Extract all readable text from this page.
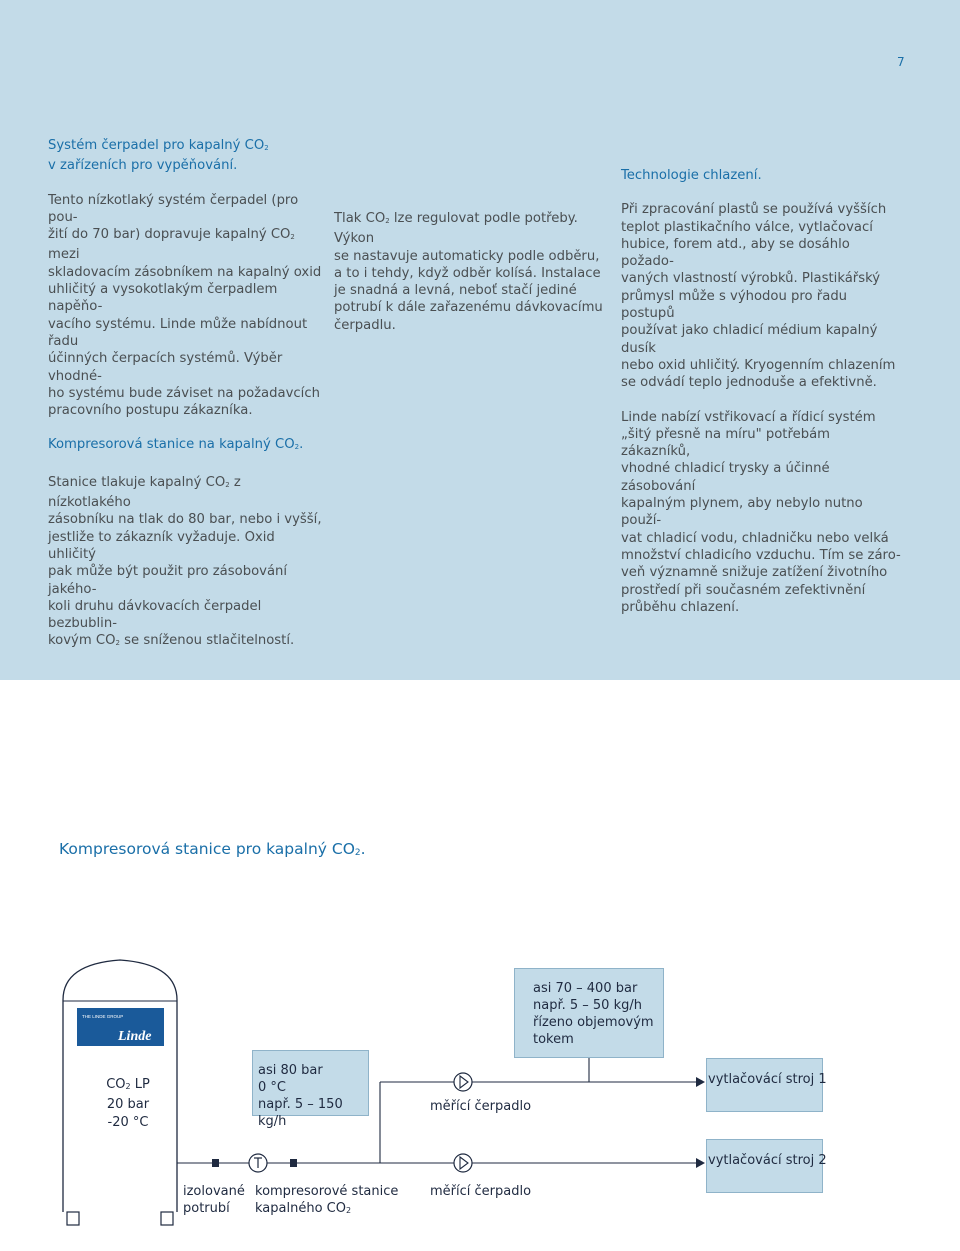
7

Systém čerpadel pro kapalný $CO_2$

v zařízeních pro vypěňování.

Tento nízkotlaký systém čerpadel (pro pou-

žití do 70 bar) dopravuje kapalný $CO_2$ mezi

skladovacím zásobníkem na kapalný oxid

uhličitý a vysokotlakým čerpadlem napěňo-

vacího systému. Linde může nabídnout řadu

účinných čerpacích systémů. Výběr vhodné-

ho systému bude záviset na požadavcích

pracovního postupu zákazníka.

Kompresorová stanice na kapalný $CO_2$.

Stanice tlakuje kapalný $CO_2$ z nízkotlakého

zásobníku na tlak do 80 bar, nebo i vyšší,

jestliže to zákazník vyžaduje. Oxid uhličitý

pak může být použit pro zásobování jakého-

koli druhu dávkovacích čerpadel bezbublin-

kovým $CO_2$ se sníženou stlačitelností.

Tlak $CO_2$ lze regulovat podle potřeby. Výkon

se nastavuje automaticky podle odběru,

a to i tehdy, když odběr kolísá. Instalace

je snadná a levná, neboť stačí jediné

potrubí k dále zařazenému dávkovacímu

čerpadlu.

Technologie chlazení.

Při zpracování plastů se používá vyšších

teplot plastikačního válce, vytlačovací

hubice, forem atd., aby se dosáhlo požado-

vaných vlastností výrobků. Plastikářský

průmysl může s výhodou pro řadu postupů

používat jako chladicí médium kapalný dusík

nebo oxid uhličitý. Kryogenním chlazením

se odvádí teplo jednoduše a efektivně.

Linde nabízí vstřikovací a řídicí systém

„šitý přesně na míru" potřebám zákazníků,

vhodné chladicí trysky a účinné zásobování

kapalným plynem, aby nebylo nutno použí-

vat chladicí vodu, chladničku nebo velká

množství chladicího vzduchu. Tím se záro-

veň významně snižuje zatížení životního

prostředí při současném zefektivnění

průběhu chlazení.

Kompresorová stanice pro kapalný $CO_2$.
THE LINDE GROUP
Linde
$CO_2$ LP
20 bar
-20 °C
asi 80 bar
0 °C
např. 5 – 150 kg/h
asi 70 – 400 bar
např. 5 – 50 kg/h
řízeno objemovým
tokem
vytlačovácí stroj 1
vytlačovácí stroj 2
měřící čerpadlo
měřící čerpadlo
izolované
potrubí
kompresorové stanice
kapalného $CO_2$
